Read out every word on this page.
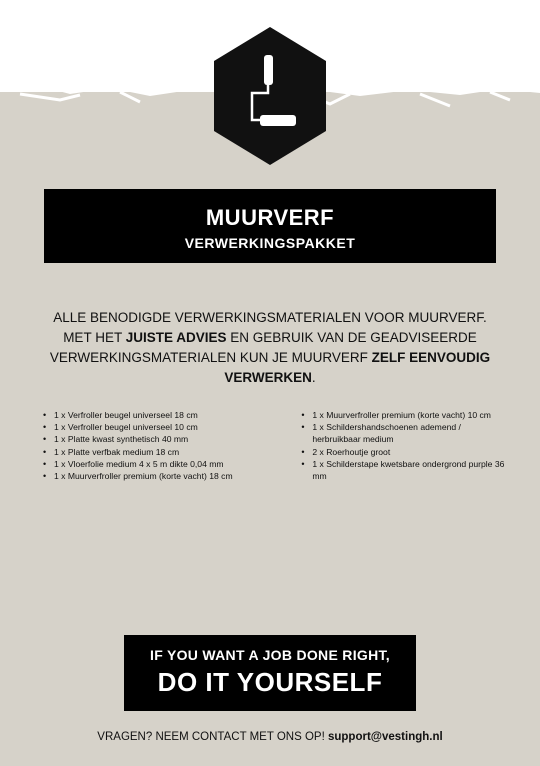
MUURVERF
VERWERKINGSPAKKET
ALLE BENODIGDE VERWERKINGSMATERIALEN VOOR MUURVERF. MET HET JUISTE ADVIES EN GEBRUIK VAN DE GEADVISEERDE VERWERKINGSMATERIALEN KUN JE MUURVERF ZELF EENVOUDIG VERWERKEN.
• 1 x Verfroller beugel universeel 18 cm
• 1 x Verfroller beugel universeel 10 cm
• 1 x Platte kwast synthetisch 40 mm
• 1 x Platte verfbak medium 18 cm
• 1 x Vloerfolie medium 4 x 5 m dikte 0,04 mm
• 1 x Muurverfroller premium (korte vacht) 18 cm
• 1 x Muurverfroller premium (korte vacht) 10 cm
• 1 x Schildershandschoenen ademend / herbruikbaar medium
• 2 x Roerhoutje groot
• 1 x Schilderstape kwetsbare ondergrond purple 36 mm
IF YOU WANT A JOB DONE RIGHT,
DO IT YOURSELF
VRAGEN? NEEM CONTACT MET ONS OP! support@vestingh.nl
